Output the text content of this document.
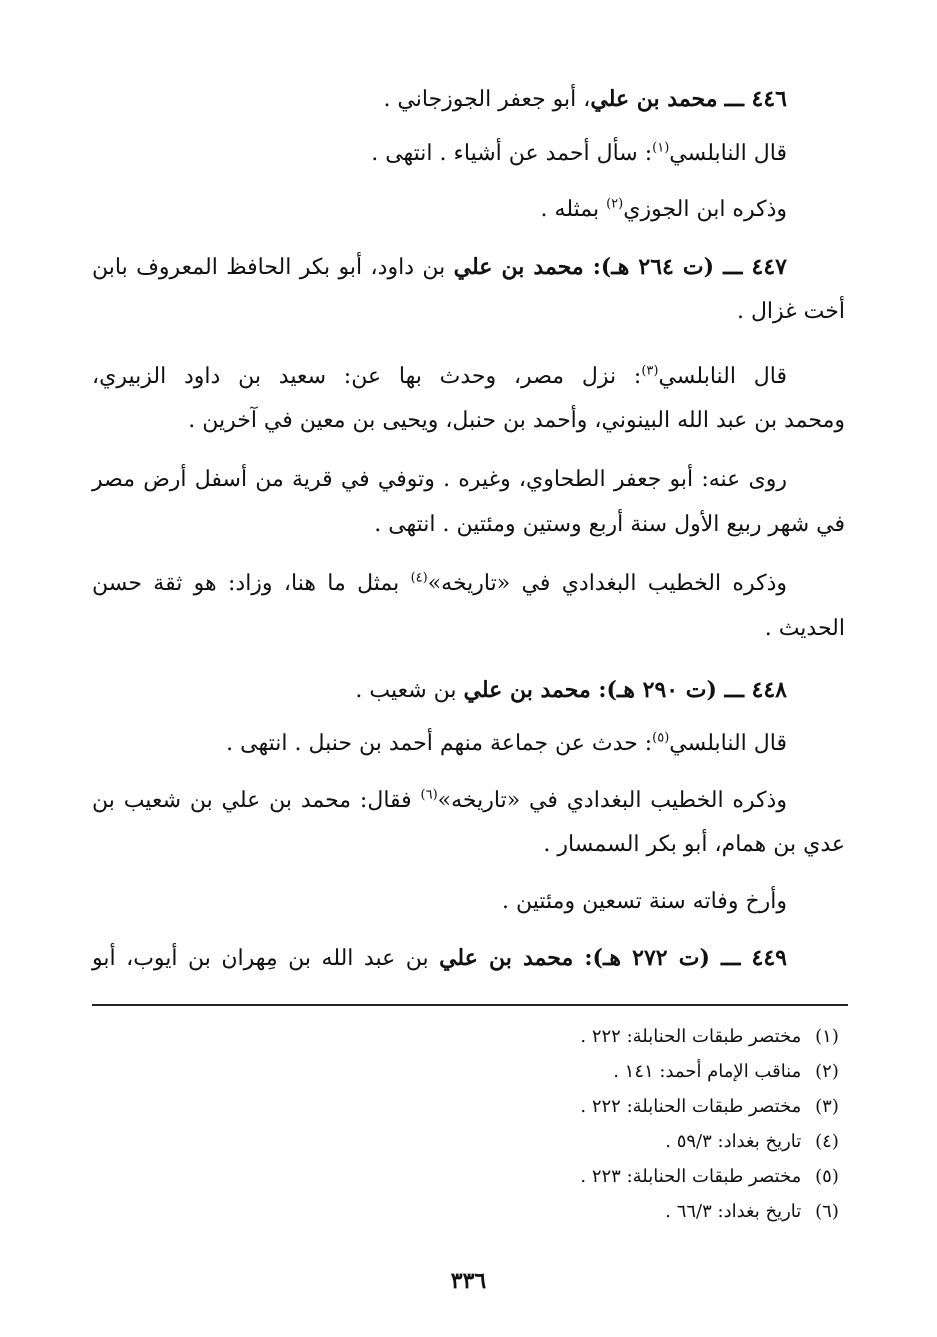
٤٤٦ ـــ محمد بن علي، أبو جعفر الجوزجاني .
قال النابلسي$^{(١)}$: سأل أحمد عن أشياء . انتهى .
وذكره ابن الجوزي$^{(٢)}$ بمثله .
٤٤٧ ـــ (ت ٢٦٤ هـ): محمد بن علي بن داود، أبو بكر الحافظ المعروف بابن
أخت غزال .
قال النابلسي$^{(٣)}$: نزل مصر، وحدث بها عن: سعيد بن داود الزبيري،
ومحمد بن عبد الله البينوني، وأحمد بن حنبل، ويحيى بن معين في آخرين .
روى عنه: أبو جعفر الطحاوي، وغيره . وتوفي في قرية من أسفل أرض مصر
في شهر ربيع الأول سنة أربع وستين ومئتين . انتهى .
وذكره الخطيب البغدادي في «تاريخه»$^{(٤)}$ بمثل ما هنا، وزاد: هو ثقة حسن
الحديث .
٤٤٨ ـــ (ت ٢٩٠ هـ): محمد بن علي بن شعيب .
قال النابلسي$^{(٥)}$: حدث عن جماعة منهم أحمد بن حنبل . انتهى .
وذكره الخطيب البغدادي في «تاريخه»$^{(٦)}$ فقال: محمد بن علي بن شعيب بن
عدي بن همام، أبو بكر السمسار .
وأرخ وفاته سنة تسعين ومئتين .
٤٤٩ ـــ (ت ٢٧٢ هـ): محمد بن علي بن عبد الله بن مِهران بن أيوب، أبو
(١) مختصر طبقات الحنابلة: ٢٢٢ .
(٢) مناقب الإمام أحمد: ١٤١ .
(٣) مختصر طبقات الحنابلة: ٢٢٢ .
(٤) تاريخ بغداد: ٥٩/٣ .
(٥) مختصر طبقات الحنابلة: ٢٢٣ .
(٦) تاريخ بغداد: ٦٦/٣ .
٣٣٦
